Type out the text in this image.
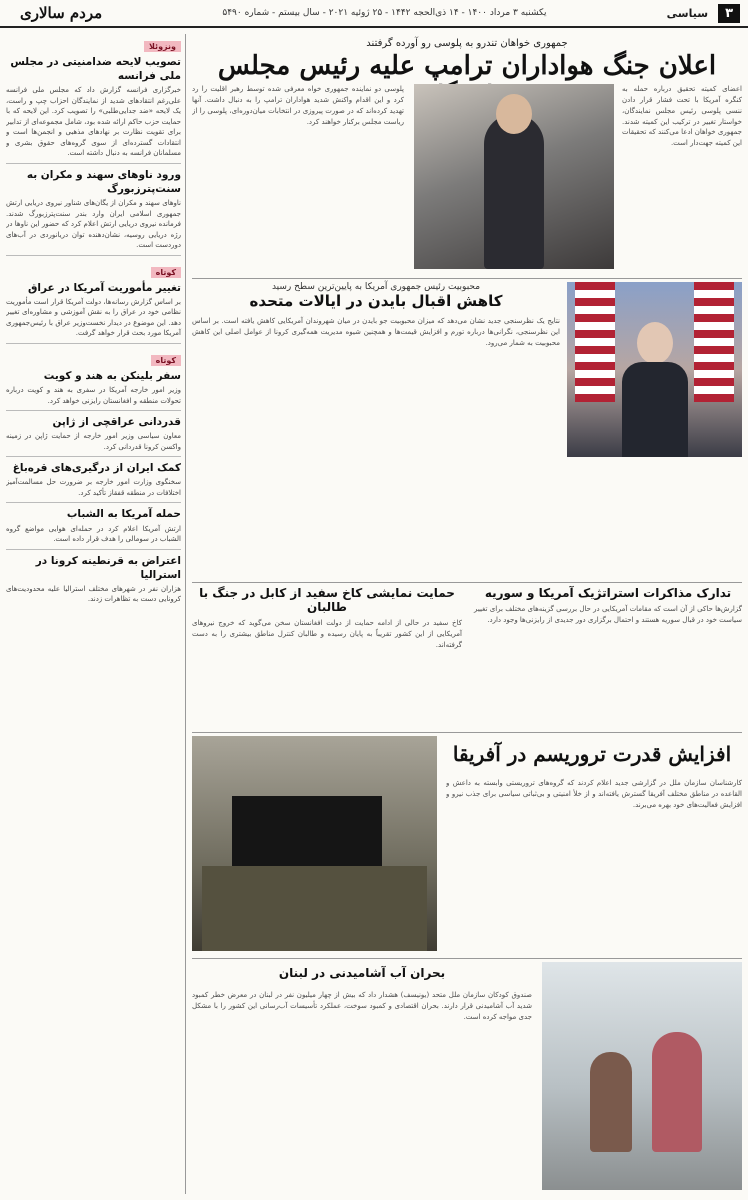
۳
سیاسی
یکشنبه ۳ مرداد ۱۴۰۰ - ۱۴ ذی‌الحجه ۱۴۴۲ - ۲۵ ژوئیه ۲۰۲۱ - سال بیستم - شماره ۵۴۹۰
مردم سالاری
ونزوئلا
تصویب لایحه ضدامنیتی در مجلس ملی فرانسه
خبرگزاری فرانسه گزارش داد که مجلس ملی فرانسه علی‌رغم انتقادهای شدید از نمایندگان احزاب چپ و راست، یک لایحه «ضد جدایی‌طلبی» را تصویب کرد. این لایحه که با حمایت حزب حاکم ارائه شده بود، شامل مجموعه‌ای از تدابیر برای تقویت نظارت بر نهادهای مذهبی و انجمن‌ها است و انتقادات گسترده‌ای از سوی گروه‌های حقوق بشری و مسلمانان فرانسه به دنبال داشته است.
ورود ناوهای سهند و مکران به سنت‌پترزبورگ
ناوهای سهند و مکران از یگان‌های شناور نیروی دریایی ارتش جمهوری اسلامی ایران وارد بندر سنت‌پترزبورگ شدند. فرمانده نیروی دریایی ارتش اعلام کرد که حضور این ناوها در رژه دریایی روسیه، نشان‌دهنده توان دریانوردی در آب‌های دوردست است.
کوتاه
تغییر مأموریت آمریکا در عراق
بر اساس گزارش رسانه‌ها، دولت آمریکا قرار است مأموریت نظامی خود در عراق را به نقش آموزشی و مشاوره‌ای تغییر دهد. این موضوع در دیدار نخست‌وزیر عراق با رئیس‌جمهوری آمریکا مورد بحث قرار خواهد گرفت.
کوتاه
سفر بلینکن به هند و کویت
وزیر امور خارجه آمریکا در سفری به هند و کویت درباره تحولات منطقه و افغانستان رایزنی خواهد کرد.
قدردانی عراقچی از ژاپن
معاون سیاسی وزیر امور خارجه از حمایت ژاپن در زمینه واکسن کرونا قدردانی کرد.
کمک ایران از درگیری‌های قره‌باغ
سخنگوی وزارت امور خارجه بر ضرورت حل مسالمت‌آمیز اختلافات در منطقه قفقاز تأکید کرد.
حمله آمریکا به الشباب
ارتش آمریکا اعلام کرد در حمله‌ای هوایی مواضع گروه الشباب در سومالی را هدف قرار داده است.
اعتراض به قرنطینه کرونا در استرالیا
هزاران نفر در شهرهای مختلف استرالیا علیه محدودیت‌های کرونایی دست به تظاهرات زدند.
جمهوری خواهان تندرو به پلوسی رو آورده گرفتند
اعلان جنگ هواداران ترامپ علیه رئیس مجلس
اعضای کمیته تحقیق درباره حمله به کنگره آمریکا با تحت فشار قرار دادن ننسی پلوسی رئیس مجلس نمایندگان، خواستار تغییر در ترکیب این کمیته شدند. جمهوری خواهان ادعا می‌کنند که تحقیقات این کمیته جهت‌دار است.
پلوسی دو نماینده جمهوری خواه معرفی شده توسط رهبر اقلیت را رد کرد و این اقدام واکنش شدید هواداران ترامپ را به دنبال داشت. آنها تهدید کرده‌اند که در صورت پیروزی در انتخابات میان‌دوره‌ای، پلوسی را از ریاست مجلس برکنار خواهند کرد.
محبوبیت رئیس جمهوری آمریکا به پایین‌ترین سطح رسید
کاهش اقبال بایدن در ایالات متحده
نتایج یک نظرسنجی جدید نشان می‌دهد که میزان محبوبیت جو بایدن در میان شهروندان آمریکایی کاهش یافته است. بر اساس این نظرسنجی، نگرانی‌ها درباره تورم و افزایش قیمت‌ها و همچنین شیوه مدیریت همه‌گیری کرونا از عوامل اصلی این کاهش محبوبیت به شمار می‌رود.
تدارک مذاکرات استراتژیک آمریکا و سوریه
گزارش‌ها حاکی از آن است که مقامات آمریکایی در حال بررسی گزینه‌های مختلف برای تغییر سیاست خود در قبال سوریه هستند و احتمال برگزاری دور جدیدی از رایزنی‌ها وجود دارد.
حمایت نمایشی کاخ سفید از کابل در جنگ با طالبان
کاخ سفید در حالی از ادامه حمایت از دولت افغانستان سخن می‌گوید که خروج نیروهای آمریکایی از این کشور تقریباً به پایان رسیده و طالبان کنترل مناطق بیشتری را به دست گرفته‌اند.
افزایش قدرت تروریسم در آفریقا
کارشناسان سازمان ملل در گزارشی جدید اعلام کردند که گروه‌های تروریستی وابسته به داعش و القاعده در مناطق مختلف آفریقا گسترش یافته‌اند و از خلأ امنیتی و بی‌ثباتی سیاسی برای جذب نیرو و افزایش فعالیت‌های خود بهره می‌برند.
بحران آب آشامیدنی در لبنان
صندوق کودکان سازمان ملل متحد (یونیسف) هشدار داد که بیش از چهار میلیون نفر در لبنان در معرض خطر کمبود شدید آب آشامیدنی قرار دارند. بحران اقتصادی و کمبود سوخت، عملکرد تأسیسات آب‌رسانی این کشور را با مشکل جدی مواجه کرده است.
